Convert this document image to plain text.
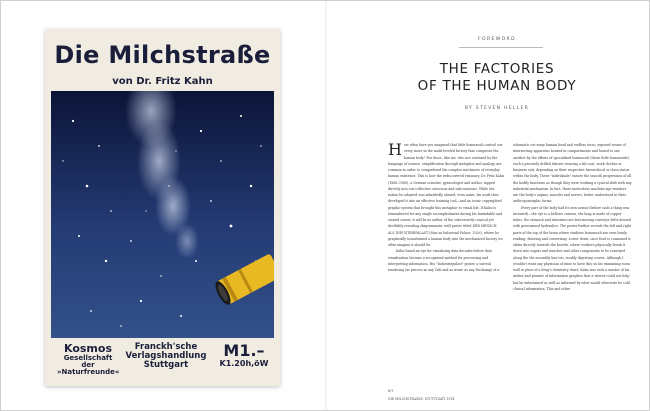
Die Milchstraße
von Dr. Fritz Kahn
Kosmos
Gesellschaft der
»Naturfreunde«
Franckh'sche
Verlagshandlung
Stuttgart
M1.–
K1.20h,öW
FOREWORD
THE FACTORIES
OF THE HUMAN BODY
BY STEVEN HELLER

How often have you imagined that little homunculi control our every move in the multi-leveled factory that comprises the human body? For those, like me, who are confused by the language of science, simplification through metaphor and analogy are common in order to comprehend the complex mechanics of everyday human existence. This is how the rediscovered visionary, Dr. Fritz Kahn (1888–1968), a German scientist, gynecologist and author, tapped directly into our collective conscious and subconscious. While the notion he adopted was admittedly absurd, even naive, his work then developed it into an effective learning tool—and an iconic copyrighted graphic system that brought this metaphor to visual life. If Kahn is remembered for any single accomplishment during his formidable and storied career, it will be as author of the subversively comical yet devilishly revealing diagrammatic wall poster titled DER MENSCH ALS INDUSTRIEPALAST (Man as Industrial Palace, 1926), where he graphically transformed a human body into the mechanized factory we often imagine it should be.

Kahn found an eye for visualizing data decades before data visualization became a recognized method for processing and interpreting information. His "Industriepalast" poster, a surreal rendering (as precise as any Dali and as ironic as any Duchamp) of a

schematic cut-away human head and endless torso, exposed rooms of intersecting apparatus housed in compartments and honed to one another by the efforts of specialized homunculi (those little humanoids), each a precisely drilled laborer wearing a lab coat, work clothes or business suit, depending on their respective hierarchical or class status within the body. These "individuals" ensure the smooth progression of all the bodily functions as though they were working a cynical shift with any industrial mechanism. In fact, these meticulous machine age wonders are the body's organs, muscles and nerves, better understood in their anthropomorphic forms.

Every part of the body had its own avatar (before such a thing was invented)—the eye is a bellows camera, the lung is made of copper tubes, the stomach and intestines are fast-moving conveyor belts doused with pressurized hydraulics. The poster further reveals the left and right parts of the top of the brain where studious homunculi are seen busily reading, drawing and conversing. Lower down, once food is consumed it slides directly towards the bowels, where workers physically break it down into sugars and starches and other components to be conveyed along the the assembly line too, readily digesting course. Although I wouldn't want any physician of mine to have this on his examining room wall in place of a drug's chemistry chart, Kahn was such a master of his métier and pioneer of information graphics that a viewer could not help but be entertained as well as informed by what would otherwise be cold, clinical information. This and other

6/7
DIE MILCHSTRASSE, STUTTGART 1914
